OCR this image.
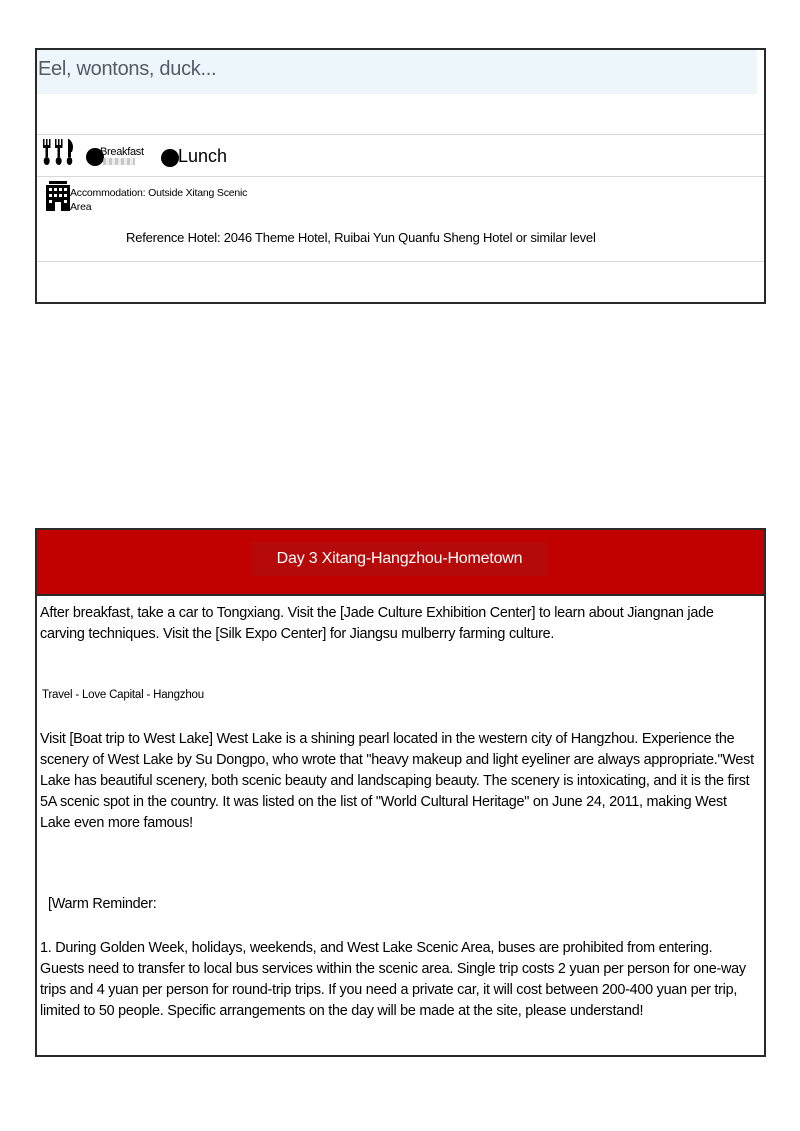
Eel, wontons, duck...
Breakfast Lunch
Accommodation: Outside Xitang Scenic Area
Reference Hotel: 2046 Theme Hotel, Ruibai Yun Quanfu Sheng Hotel or similar level
Day 3 Xitang-Hangzhou-Hometown
After breakfast, take a car to Tongxiang. Visit the [Jade Culture Exhibition Center] to learn about Jiangnan jade carving techniques. Visit the [Silk Expo Center] for Jiangsu mulberry farming culture.
Travel - Love Capital - Hangzhou
Visit [Boat trip to West Lake] West Lake is a shining pearl located in the western city of Hangzhou. Experience the scenery of West Lake by Su Dongpo, who wrote that "heavy makeup and light eyeliner are always appropriate."West Lake has beautiful scenery, both scenic beauty and landscaping beauty. The scenery is intoxicating, and it is the first 5A scenic spot in the country. It was listed on the list of "World Cultural Heritage" on June 24, 2011, making West Lake even more famous!
[Warm Reminder:
1. During Golden Week, holidays, weekends, and West Lake Scenic Area, buses are prohibited from entering. Guests need to transfer to local bus services within the scenic area. Single trip costs 2 yuan per person for one-way trips and 4 yuan per person for round-trip trips. If you need a private car, it will cost between 200-400 yuan per trip, limited to 50 people. Specific arrangements on the day will be made at the site, please understand!
